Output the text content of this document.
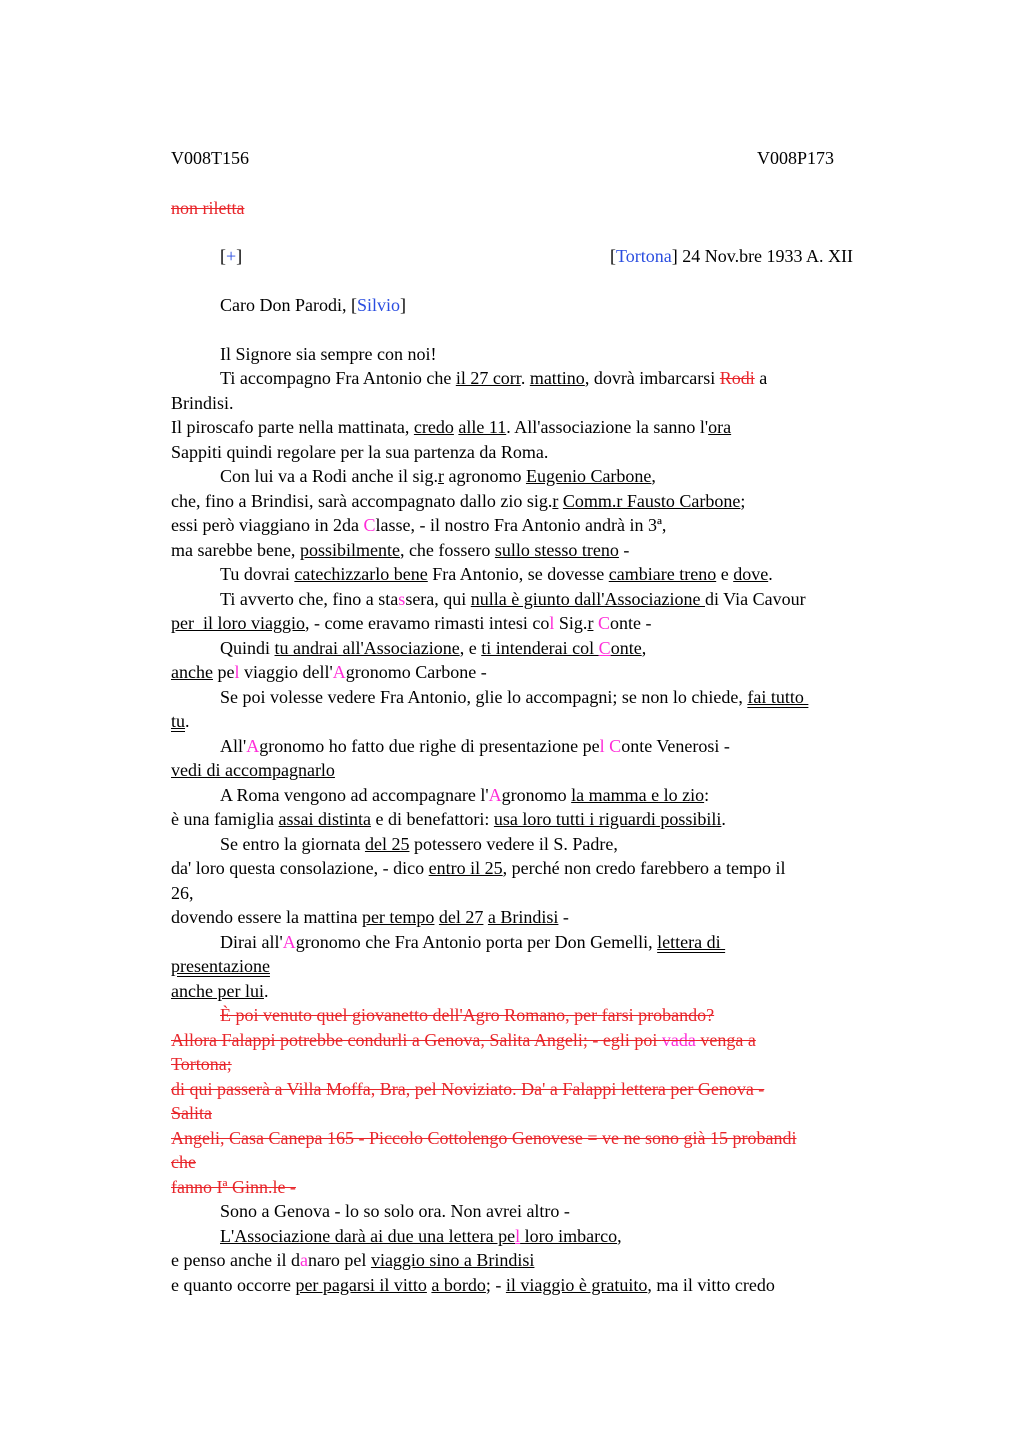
V008T156	V008P173
non riletta
[+]	[Tortona] 24 Nov.bre 1933 A. XII
Caro Don Parodi, [Silvio]
Il Signore sia sempre con noi!
Ti accompagno Fra Antonio che il 27 corr. mattino, dovrà imbarcarsi Rodi a
Brindisi.
Il piroscafo parte nella mattinata, credo alle 11. All'associazione la sanno l'ora
Sappiti quindi regolare per la sua partenza da Roma.
Con lui va a Rodi anche il sig.r agronomo Eugenio Carbone,
che, fino a Brindisi, sarà accompagnato dallo zio sig.r Comm.r Fausto Carbone;
essi però viaggiano in 2da Classe, - il nostro Fra Antonio andrà in 3ª,
ma sarebbe bene, possibilmente, che fossero sullo stesso treno -
Tu dovrai catechizzarlo bene Fra Antonio, se dovesse cambiare treno e dove.
Ti avverto che, fino a stassera, qui nulla è giunto dall'Associazione di Via Cavour
per  il loro viaggio, - come eravamo rimasti intesi col Sig.r Conte -
Quindi tu andrai all'Associazione, e ti intenderai col Conte,
anche pel viaggio dell'Agronomo Carbone -
Se poi volesse vedere Fra Antonio, glie lo accompagni; se non lo chiede, fai tutto
tu.
All'Agronomo ho fatto due righe di presentazione pel Conte Venerosi -
vedi di accompagnarlo
A Roma vengono ad accompagnare l'Agronomo la mamma e lo zio:
è una famiglia assai distinta e di benefattori: usa loro tutti i riguardi possibili.
Se entro la giornata del 25 potessero vedere il S. Padre,
da' loro questa consolazione, - dico entro il 25, perché non credo farebbero a tempo il
26,
dovendo essere la mattina per tempo del 27 a Brindisi -
Dirai all'Agronomo che Fra Antonio porta per Don Gemelli, lettera di
presentazione
anche per lui.
È poi venuto quel giovanetto dell'Agro Romano, per farsi probando?
Allora Falappi potrebbe condurli a Genova, Salita Angeli; - egli poi vada venga a
Tortona;
di qui passerà a Villa Moffa, Bra, pel Noviziato. Da' a Falappi lettera per Genova -
Salita
Angeli, Casa Canepa 165 - Piccolo Cottolengo Genovese = ve ne sono già 15 probandi
che
fanno Iª Ginn.le -
Sono a Genova - lo so solo ora. Non avrei altro -
L'Associazione darà ai due una lettera pel loro imbarco,
e penso anche il danaro pel viaggio sino a Brindisi
e quanto occorre per pagarsi il vitto a bordo; - il viaggio è gratuito, ma il vitto credo
